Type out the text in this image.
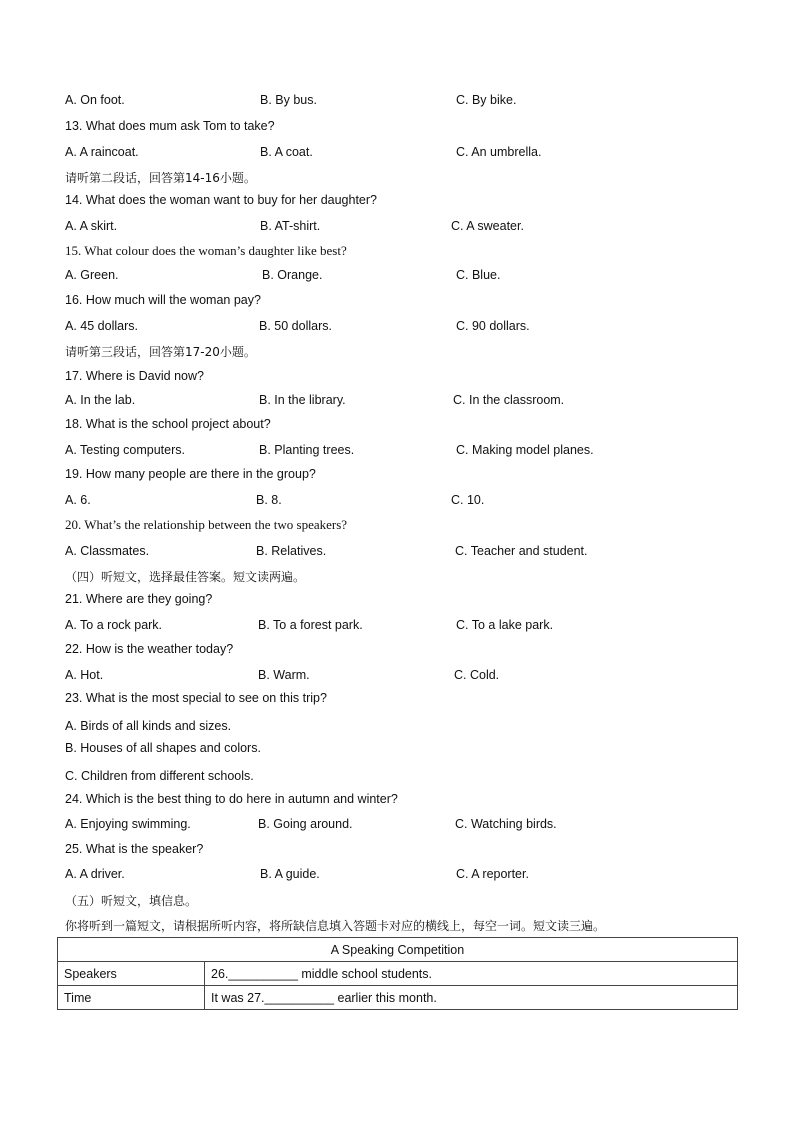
A. On foot.	B. By bus.	C. By bike.
13. What does mum ask Tom to take?
A. A raincoat.	B. A coat.	C. An umbrella.
请听第二段话，回答第14-16小题。
14. What does the woman want to buy for her daughter?
A. A skirt.	B. AT-shirt.	C. A sweater.
15. What colour does the woman’s daughter like best?
A. Green.	B. Orange.	C. Blue.
16. How much will the woman pay?
A. 45 dollars.	B. 50 dollars.	C. 90 dollars.
请听第三段话，回答第17-20小题。
17. Where is David now?
A. In the lab.	B. In the library.	C. In the classroom.
18. What is the school project about?
A. Testing computers.	B. Planting trees.	C. Making model planes.
19. How many people are there in the group?
A. 6.	B. 8.	C. 10.
20. What’s the relationship between the two speakers?
A. Classmates.	B. Relatives.	C. Teacher and student.
（四）听短文，选择最佳答案。短文读两遍。
21. Where are they going?
A. To a rock park.	B. To a forest park.	C. To a lake park.
22. How is the weather today?
A. Hot.	B. Warm.	C. Cold.
23. What is the most special to see on this trip?
A. Birds of all kinds and sizes.
B. Houses of all shapes and colors.
C. Children from different schools.
24. Which is the best thing to do here in autumn and winter?
A. Enjoying swimming.	B. Going around.	C. Watching birds.
25. What is the speaker?
A. A driver.	B. A guide.	C. A reporter.
（五）听短文，填信息。
你将听到一篇短文，请根据所听内容，将所缺信息填入答题卡对应的横线上，每空一词。短文读三遍。
A Speaking Competition	
Speakers	26.__________ middle school students.
Time	It was 27.__________ earlier this month.
